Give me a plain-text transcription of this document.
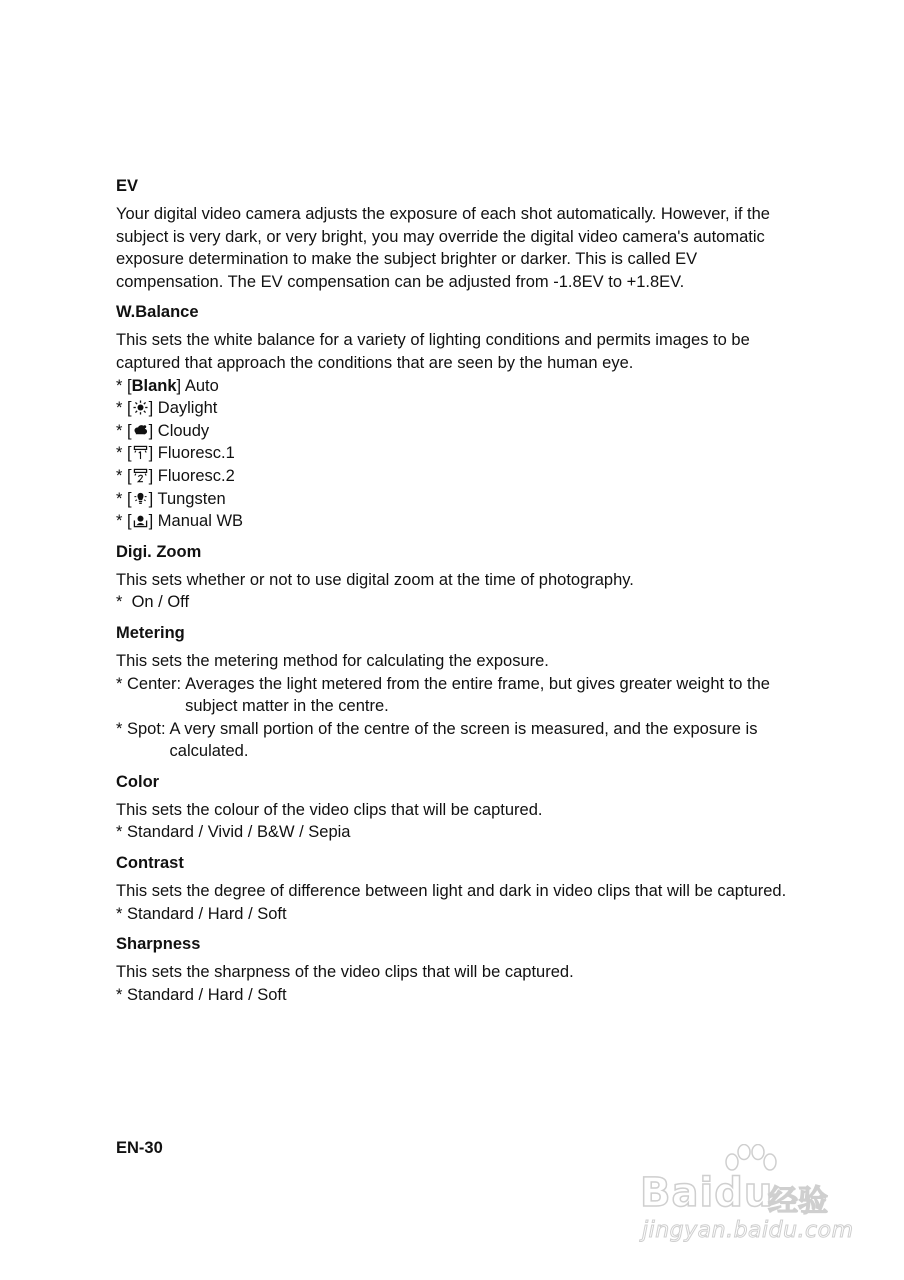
EV

Your digital video camera adjusts the exposure of each shot automatically. However, if the subject is very dark, or very bright, you may override the digital video camera's automatic exposure determination to make the subject brighter or darker. This is called EV compensation. The EV compensation can be adjusted from -1.8EV to +1.8EV.

W.Balance

This sets the white balance for a variety of lighting conditions and permits images to be captured that approach the conditions that are seen by the human eye.

* [Blank] Auto
* [ ] Daylight
* [ ] Cloudy
* [ ] Fluoresc.1
* [ ] Fluoresc.2
* [ ] Tungsten
* [ ] Manual WB
Digi. Zoom

This sets whether or not to use digital zoom at the time of photography.

*  On / Off

Metering

This sets the metering method for calculating the exposure.

* Center: Averages the light metered from the entire frame, but gives greater weight to the subject matter in the centre.
* Spot: A very small portion of the centre of the screen is measured, and the exposure is calculated.
Color

This sets the colour of the video clips that will be captured.

* Standard / Vivid / B&W / Sepia

Contrast

This sets the degree of difference between light and dark in video clips that will be captured.

* Standard / Hard / Soft

Sharpness

This sets the sharpness of the video clips that will be captured.

* Standard / Hard / Soft

EN-30
Baidu
经验
jingyan.baidu.com
